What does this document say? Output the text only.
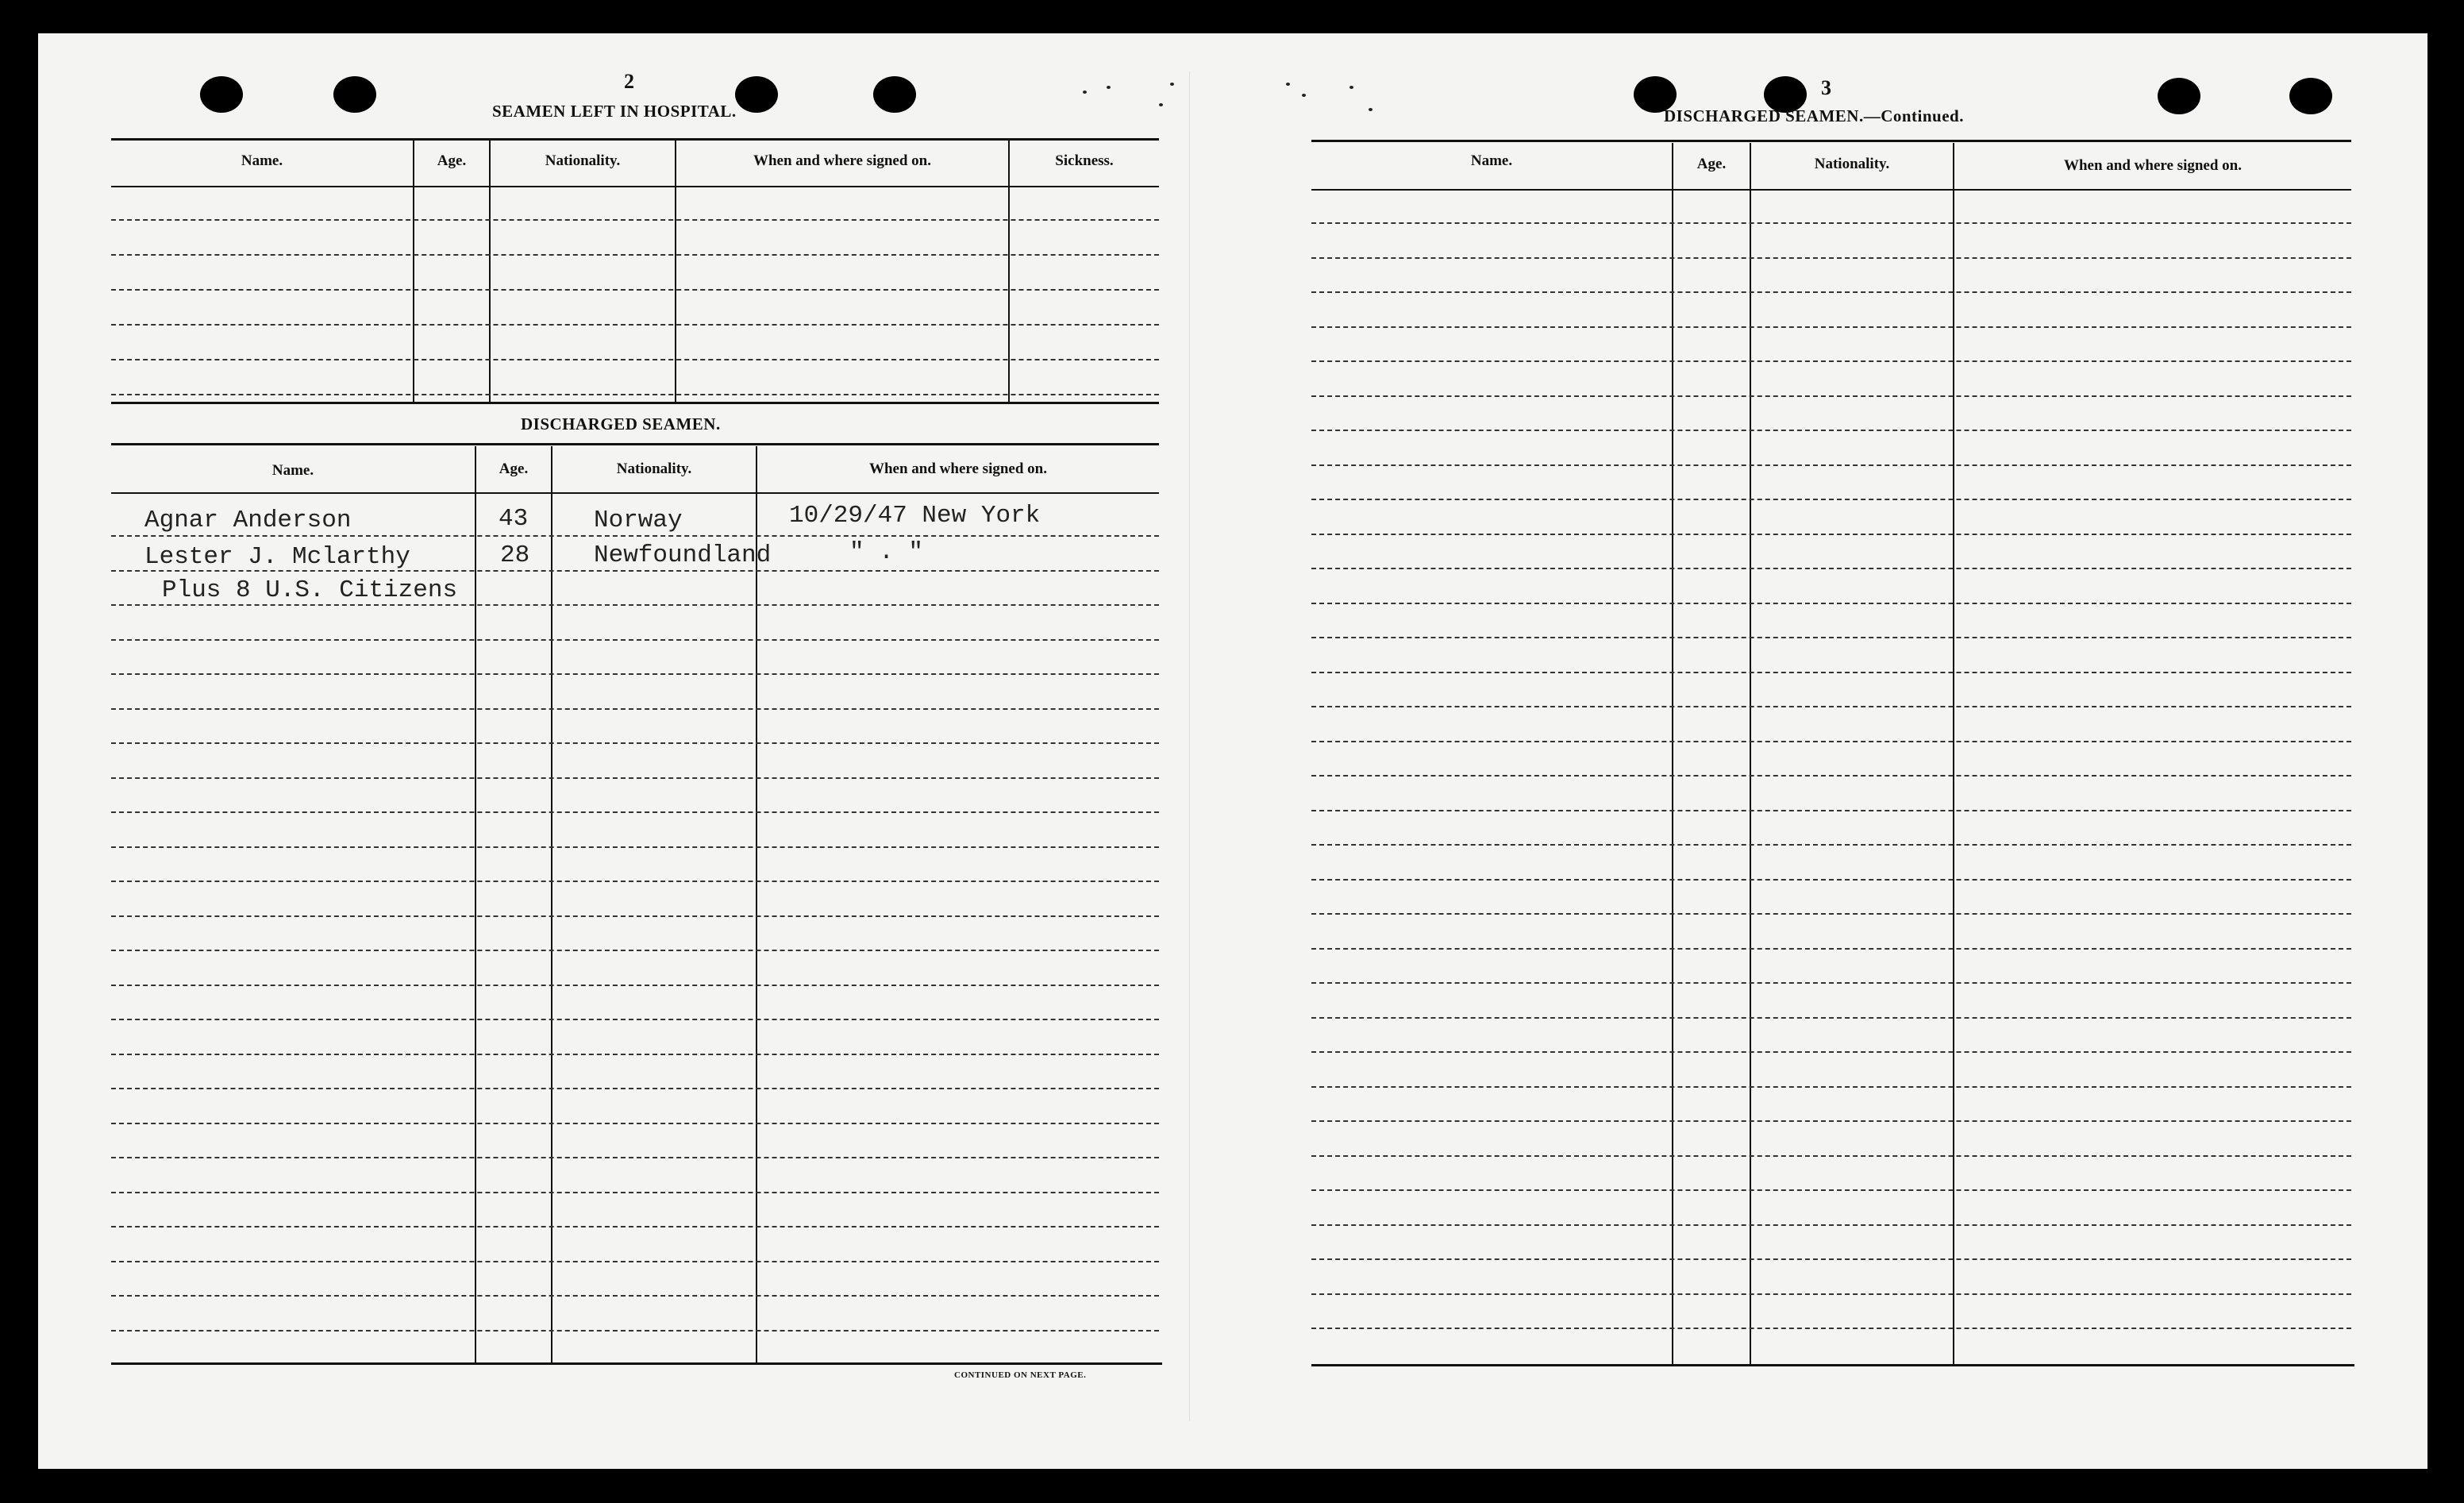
2
SEAMEN LEFT IN HOSPITAL.
Name.	Age.	Nationality.	When and where signed on.	Sickness.
DISCHARGED SEAMEN.
Name.	Age.	Nationality.	When and where signed on.
Agnar Anderson	43	Norway	10/29/47 New York
Lester J. Mclarthy	28	Newfoundland	" . "
Plus 8 U.S. Citizens
CONTINUED ON NEXT PAGE.
3
DISCHARGED SEAMEN.—Continued.
Name.	Age.	Nationality.	When and where signed on.
